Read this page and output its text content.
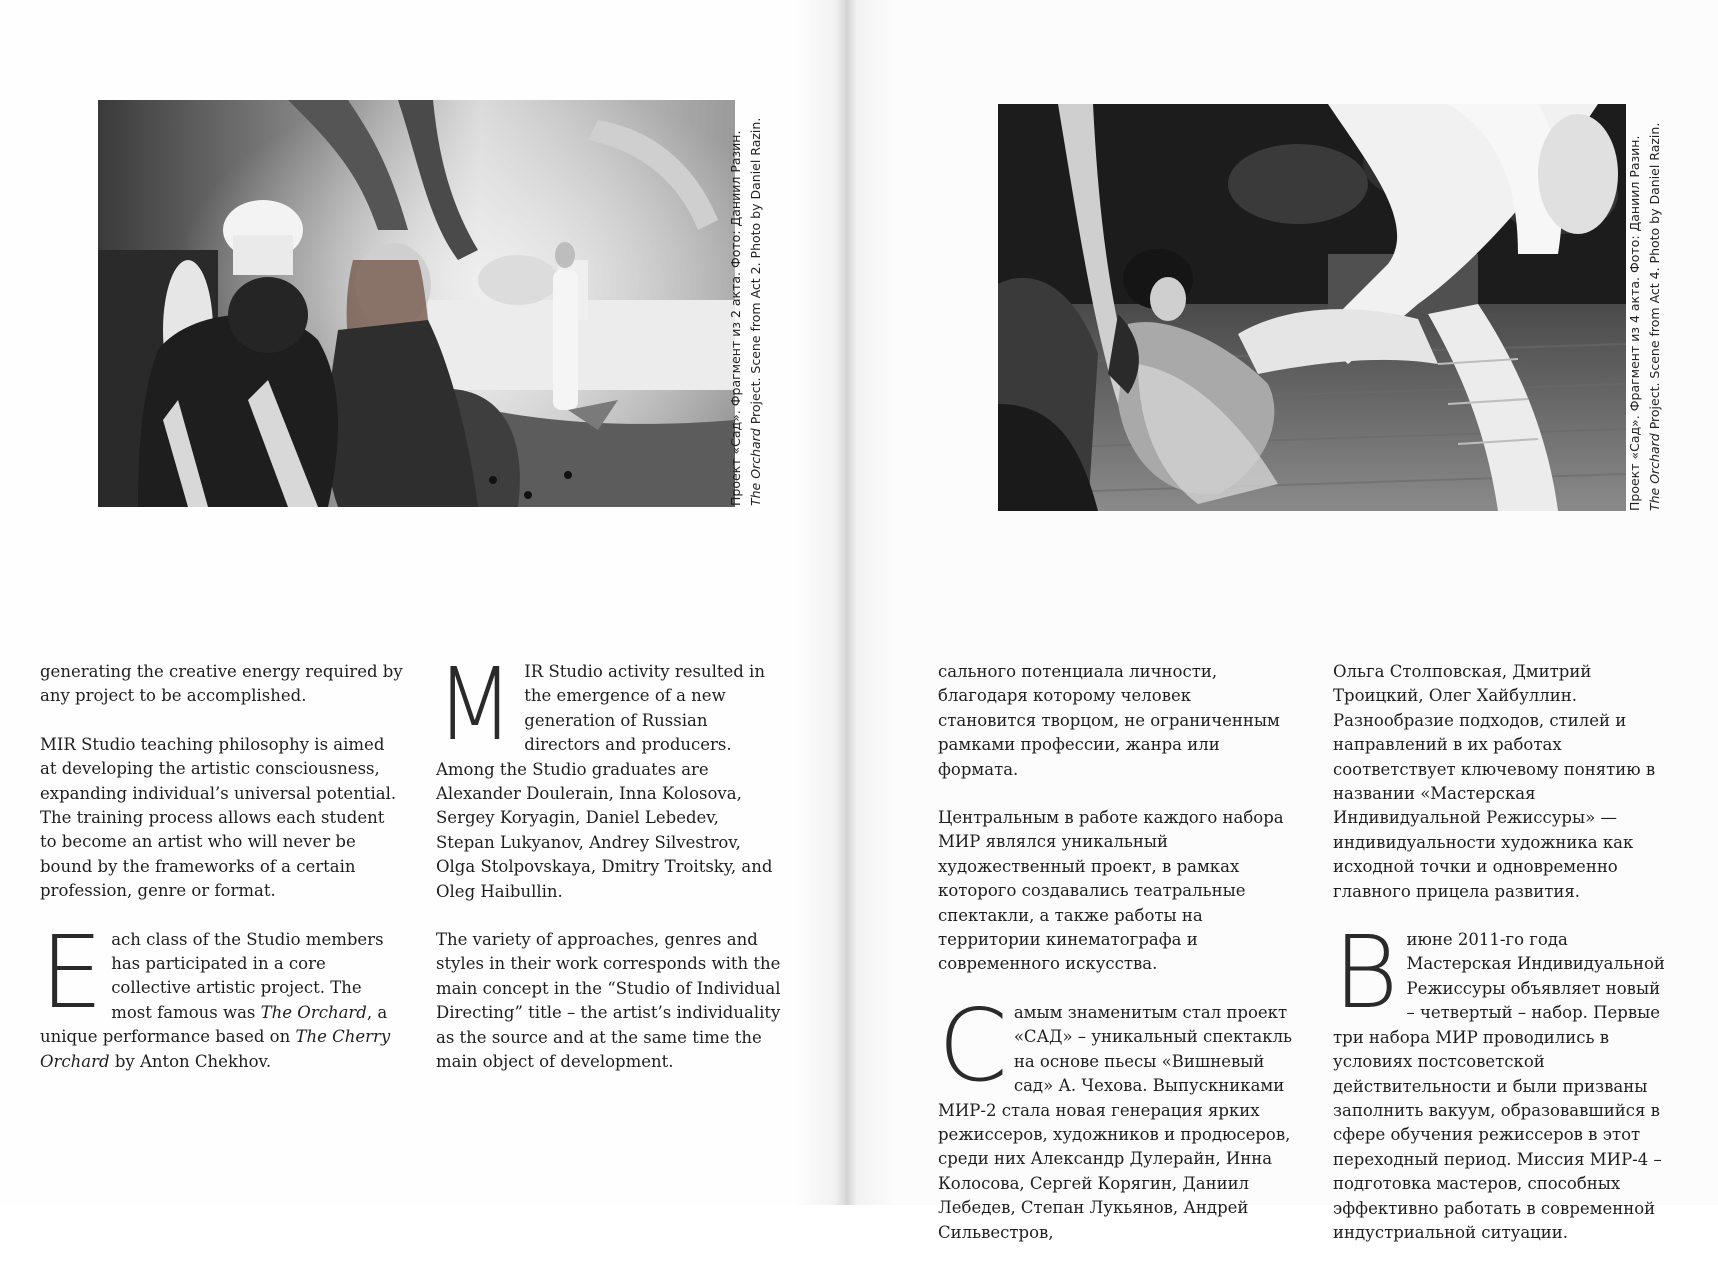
Проект «Сад». Фрагмент из 2 акта. Фото: Даниил Разин. The Orchard Project. Scene from Act 2. Photo by Daniel Razin.	Проект «Сад». Фрагмент из 4 акта. Фото: Даниил Разин. The Orchard Project. Scene from Act 4. Photo by Daniel Razin.

generating the creative energy required by any project to be accomplished.

MIR Studio teaching philosophy is aimed at developing the artistic consciousness, expanding individual’s universal potential. The training process allows each student to become an artist who will never be bound by the frameworks of a certain profession, genre or format.

Each class of the Studio members has participated in a core collective artistic project. The most famous was The Orchard, a unique performance based on The Cherry Orchard by Anton Chekhov.

MIR Studio activity resulted in the emergence of a new generation of Russian directors and producers. Among the Studio graduates are Alexander Doulerain, Inna Kolosova, Sergey Koryagin, Daniel Lebedev, Stepan Lukyanov, Andrey Silvestrov, Olga Stolpovskaya, Dmitry Troitsky, and Oleg Haibullin.

The variety of approaches, genres and styles in their work corresponds with the main concept in the “Studio of Individual Directing” title – the artist’s individuality as the source and at the same time the main object of development.

сального потенциала личности, благодаря которому человек становится творцом, не ограниченным рамками профессии, жанра или формата.

Центральным в работе каждого набора МИР являлся уникальный художественный проект, в рамках которого создавались театральные спектакли, а также работы на территории кинематографа и современного искусства.

Самым знаменитым стал проект «САД» – уникальный спектакль на основе пьесы «Вишневый сад» А. Чехова. Выпускниками МИР-2 стала новая генерация ярких режиссеров, художников и продюсеров, среди них Александр Дулерайн, Инна Колосова, Сергей Корягин, Даниил Лебедев, Степан Лукьянов, Андрей Сильвестров,

Ольга Столповская, Дмитрий Троицкий, Олег Хайбуллин. Разнообразие подходов, стилей и направлений в их работах соответствует ключевому понятию в названии «Мастерская Индивидуальной Режиссуры» — индивидуальности художника как исходной точки и одновременно главного прицела развития.

В июне 2011-го года Мастерская Индивидуальной Режиссуры объявляет новый – четвертый – набор. Первые три набора МИР проводились в условиях постсоветской действительности и были призваны заполнить вакуум, образовавшийся в сфере обучения режиссеров в этот переходный период. Миссия МИР-4 – подготовка мастеров, способных эффективно работать в современной индустриальной ситуации.
